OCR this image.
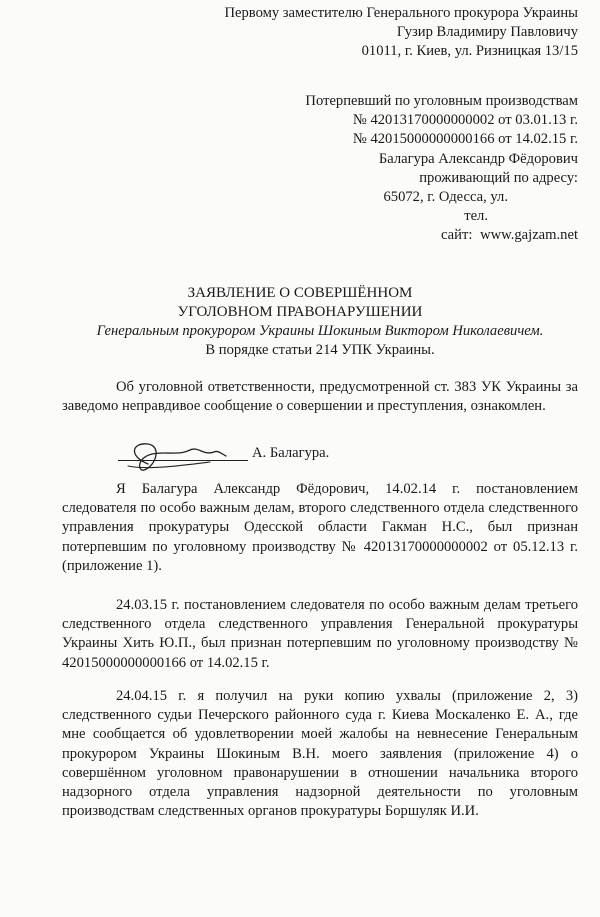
Первому заместителю Генерального прокурора Украины
Гузир Владимиру Павловичу
01011, г. Киев, ул. Ризницкая 13/15
Потерпевший по уголовным производствам
№ 42013170000000002 от 03.01.13 г.
№ 42015000000000166 от 14.02.15 г.
Балагура Александр Фёдорович
проживающий по адресу:
65072, г. Одесса, ул.
тел.
сайт: www.gajzam.net
ЗАЯВЛЕНИЕ О СОВЕРШЁННОМ
УГОЛОВНОМ ПРАВОНАРУШЕНИИ
Генеральным прокурором Украины Шокиным Виктором Николаевичем.
В порядке статьи 214 УПК Украины.
Об уголовной ответственности, предусмотренной ст. 383 УК Украины за заведомо неправдивое сообщение о совершении и преступления, ознакомлен.
А. Балагура.
Я Балагура Александр Фёдорович, 14.02.14 г. постановлением следователя по особо важным делам, второго следственного отдела следственного управления прокуратуры Одесской области Гакман Н.С., был признан потерпевшим по уголовному производству № 42013170000000002 от 05.12.13 г. (приложение 1).
24.03.15 г. постановлением следователя по особо важным делам третьего следственного отдела следственного управления Генеральной прокуратуры Украины Хить Ю.П., был признан потерпевшим по уголовному производству № 42015000000000166 от 14.02.15 г.
24.04.15 г. я получил на руки копию ухвалы (приложение 2, 3) следственного судьи Печерского районного суда г. Киева Москаленко Е. А., где мне сообщается об удовлетворении моей жалобы на невнесение Генеральным прокурором Украины Шокиным В.Н. моего заявления (приложение 4) о совершённом уголовном правонарушении в отношении начальника второго надзорного отдела управления надзорной деятельности по уголовным производствам следственных органов прокуратуры Боршуляк И.И.
